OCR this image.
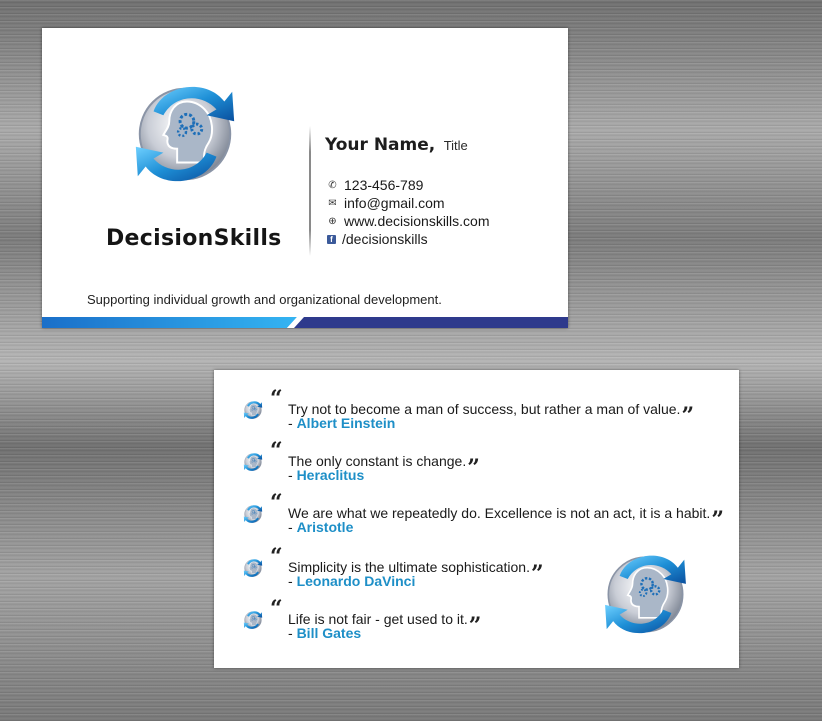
DecisionSkills
Your Name, Title
✆ 123-456-789
✉ info@gmail.com
⊕ www.decisionskills.com
f /decisionskills
Supporting individual growth and organizational development.
“ Try not to become a man of success, but rather a man of value.”
- Albert Einstein
“ The only constant is change.”
- Heraclitus
“ We are what we repeatedly do. Excellence is not an act, it is a habit.”
- Aristotle
“ Simplicity is the ultimate sophistication.”
- Leonardo DaVinci
“ Life is not fair - get used to it.”
- Bill Gates
